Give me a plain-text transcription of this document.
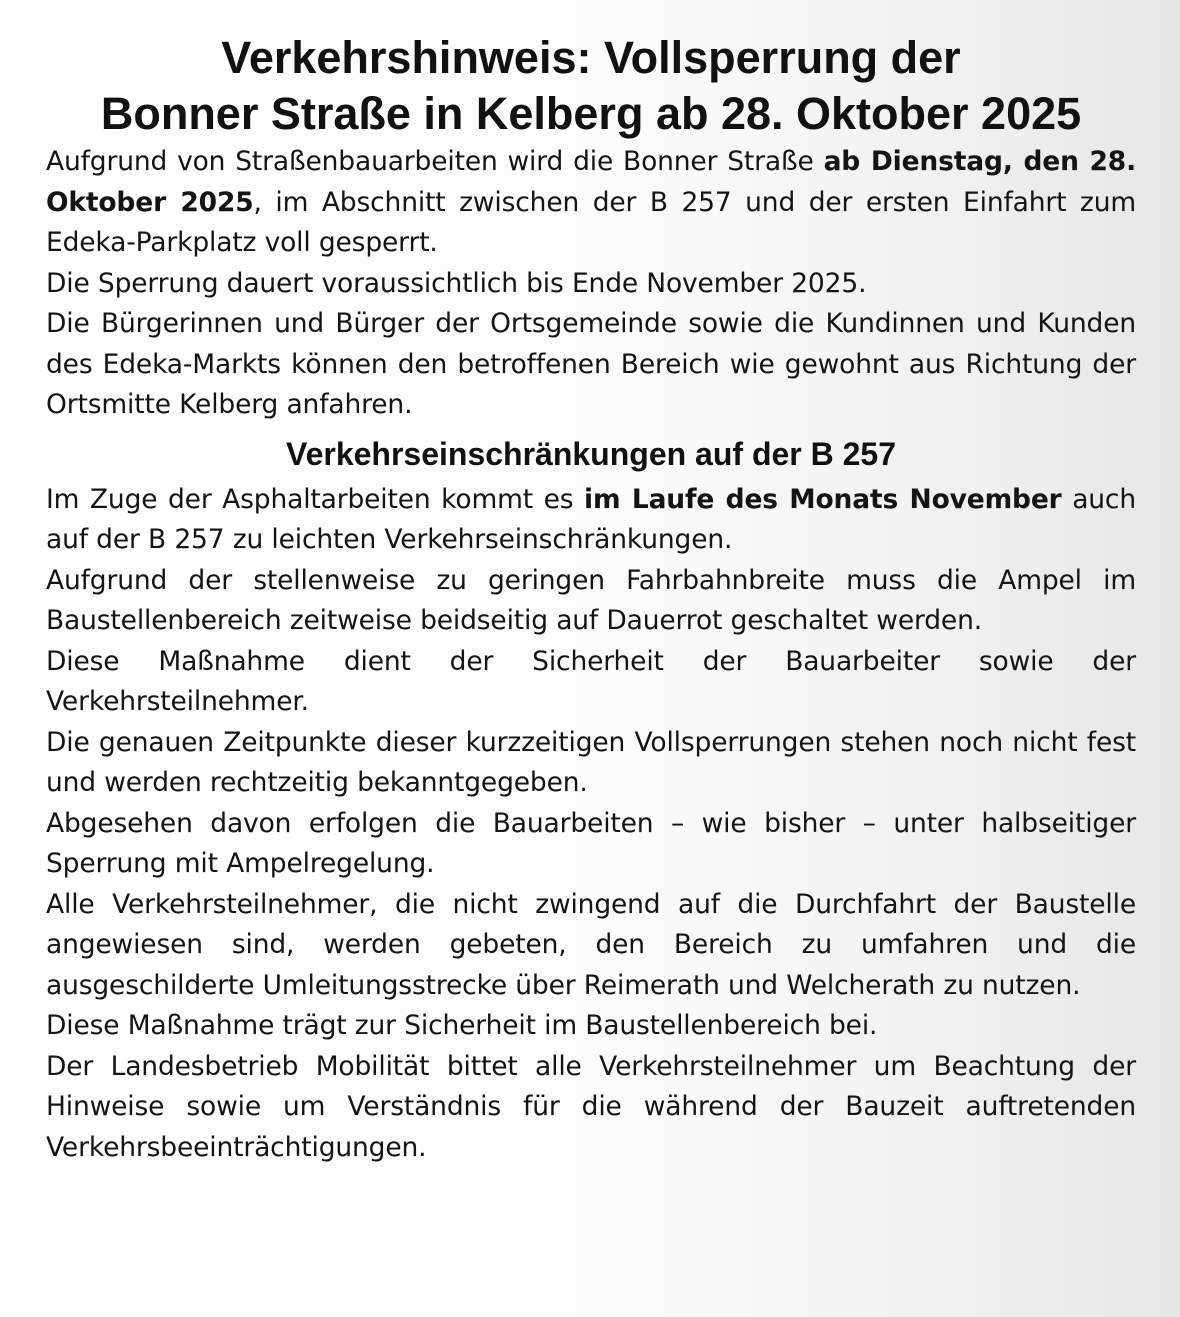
Verkehrshinweis: Vollsperrung der
Bonner Straße in Kelberg ab 28. Oktober 2025

Aufgrund von Straßenbauarbeiten wird die Bonner Straße ab Dienstag, den 28. Oktober 2025, im Abschnitt zwischen der B 257 und der ersten Einfahrt zum Edeka-Parkplatz voll gesperrt.

Die Sperrung dauert voraussichtlich bis Ende November 2025.

Die Bürgerinnen und Bürger der Ortsgemeinde sowie die Kundinnen und Kunden des Edeka-Markts können den betroffenen Bereich wie gewohnt aus Richtung der Ortsmitte Kelberg anfahren.

Verkehrseinschränkungen auf der B 257

Im Zuge der Asphaltarbeiten kommt es im Laufe des Monats November auch auf der B 257 zu leichten Verkehrseinschränkungen.

Aufgrund der stellenweise zu geringen Fahrbahnbreite muss die Ampel im Baustellenbereich zeitweise beidseitig auf Dauerrot geschaltet werden.

Diese Maßnahme dient der Sicherheit der Bauarbeiter sowie der Verkehrsteilnehmer.

Die genauen Zeitpunkte dieser kurzzeitigen Vollsperrungen stehen noch nicht fest und werden rechtzeitig bekanntgegeben.

Abgesehen davon erfolgen die Bauarbeiten – wie bisher – unter halbseitiger Sperrung mit Ampelregelung.

Alle Verkehrsteilnehmer, die nicht zwingend auf die Durchfahrt der Baustelle angewiesen sind, werden gebeten, den Bereich zu umfahren und die ausgeschilderte Umleitungsstrecke über Reimerath und Welcherath zu nutzen.

Diese Maßnahme trägt zur Sicherheit im Baustellenbereich bei.

Der Landesbetrieb Mobilität bittet alle Verkehrsteilnehmer um Beachtung der Hinweise sowie um Verständnis für die während der Bauzeit auftretenden Verkehrsbeeinträchtigungen.
